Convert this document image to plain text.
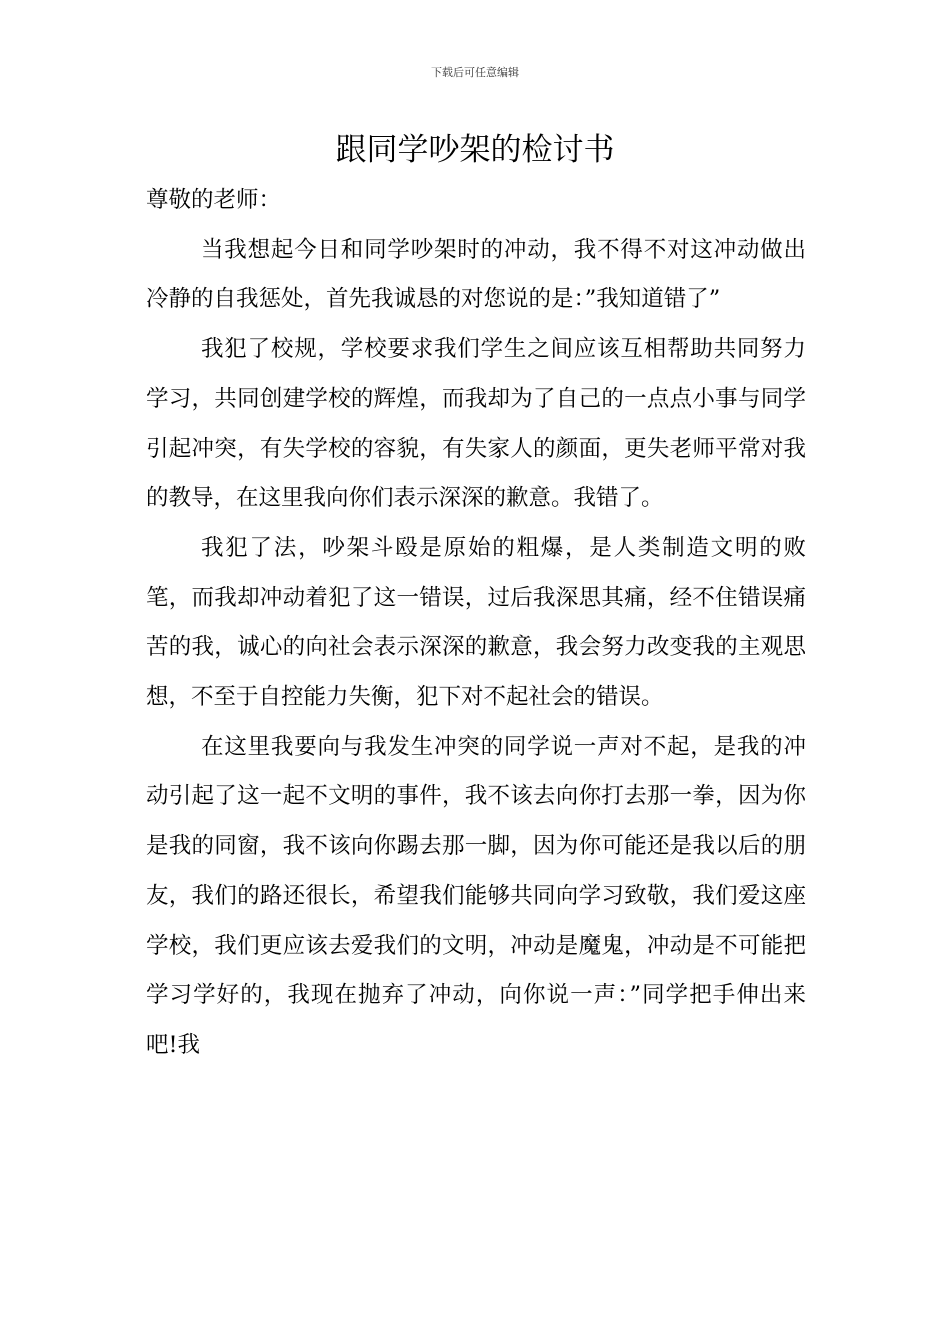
下载后可任意编辑
跟同学吵架的检讨书

尊敬的老师：

当我想起今日和同学吵架时的冲动，我不得不对这冲动做出冷静的自我惩处，首先我诚恳的对您说的是：”我知道错了”

我犯了校规，学校要求我们学生之间应该互相帮助共同努力学习，共同创建学校的辉煌，而我却为了自己的一点点小事与同学引起冲突，有失学校的容貌，有失家人的颜面，更失老师平常对我的教导，在这里我向你们表示深深的歉意。我错了。

我犯了法，吵架斗殴是原始的粗爆，是人类制造文明的败笔，而我却冲动着犯了这一错误，过后我深思其痛，经不住错误痛苦的我，诚心的向社会表示深深的歉意，我会努力改变我的主观思想，不至于自控能力失衡，犯下对不起社会的错误。

在这里我要向与我发生冲突的同学说一声对不起，是我的冲动引起了这一起不文明的事件，我不该去向你打去那一拳，因为你是我的同窗，我不该向你踢去那一脚，因为你可能还是我以后的朋友，我们的路还很长，希望我们能够共同向学习致敬，我们爱这座学校，我们更应该去爱我们的文明，冲动是魔鬼，冲动是不可能把学习学好的，我现在抛弃了冲动，向你说一声：”同学把手伸出来吧!我
